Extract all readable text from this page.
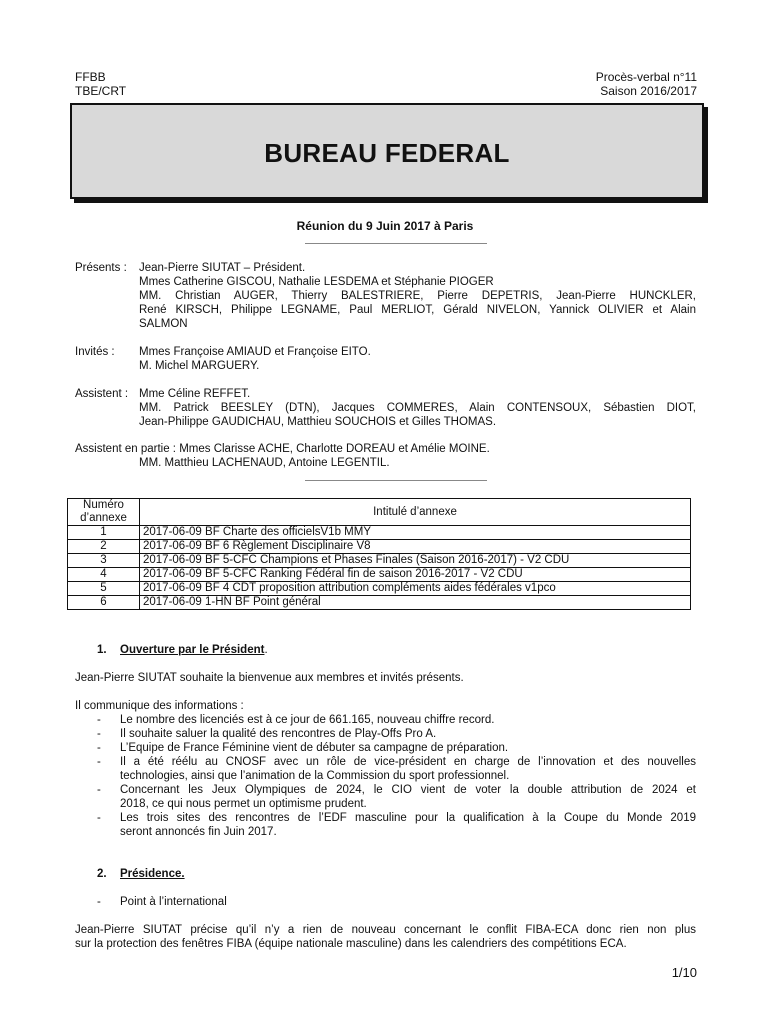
FFBB
TBE/CRT
Procès-verbal n°11
Saison 2016/2017
BUREAU FEDERAL
Réunion du 9 Juin 2017 à Paris
Présents : Jean-Pierre SIUTAT – Président.
Mmes Catherine GISCOU, Nathalie LESDEMA et Stéphanie PIOGER
MM. Christian AUGER, Thierry BALESTRIERE, Pierre DEPETRIS, Jean-Pierre HUNCKLER,
René KIRSCH, Philippe LEGNAME, Paul MERLIOT, Gérald NIVELON, Yannick OLIVIER et Alain
SALMON
Invités : Mmes Françoise AMIAUD et Françoise EITO.
M. Michel MARGUERY.
Assistent : Mme Céline REFFET.
MM. Patrick BEESLEY (DTN), Jacques COMMERES, Alain CONTENSOUX, Sébastien DIOT,
Jean-Philippe GAUDICHAU, Matthieu SOUCHOIS et Gilles THOMAS.
Assistent en partie : Mmes Clarisse ACHE, Charlotte DOREAU et Amélie MOINE.
MM. Matthieu LACHENAUD, Antoine LEGENTIL.
Numéro
d’annexe	Intitulé d’annexe
1	2017-06-09 BF Charte des officielsV1b MMY
2	2017-06-09 BF 6 Règlement Disciplinaire V8
3	2017-06-09 BF 5-CFC Champions et Phases Finales (Saison 2016-2017) - V2 CDU
4	2017-06-09 BF 5-CFC Ranking Fédéral fin de saison 2016-2017 - V2 CDU
5	2017-06-09 BF 4 CDT proposition attribution compléments aides fédérales v1pco
6	2017-06-09 1-HN BF Point général
1. Ouverture par le Président.
Jean-Pierre SIUTAT souhaite la bienvenue aux membres et invités présents.
Il communique des informations :
- Le nombre des licenciés est à ce jour de 661.165, nouveau chiffre record.
- Il souhaite saluer la qualité des rencontres de Play-Offs Pro A.
- L’Equipe de France Féminine vient de débuter sa campagne de préparation.
- Il a été réélu au CNOSF avec un rôle de vice-président en charge de l’innovation et des nouvelles
technologies, ainsi que l’animation de la Commission du sport professionnel.
- Concernant les Jeux Olympiques de 2024, le CIO vient de voter la double attribution de 2024 et
2018, ce qui nous permet un optimisme prudent.
- Les trois sites des rencontres de l’EDF masculine pour la qualification à la Coupe du Monde 2019
seront annoncés fin Juin 2017.
2. Présidence.
- Point à l’international
Jean-Pierre SIUTAT précise qu’il n’y a rien de nouveau concernant le conflit FIBA-ECA donc rien non plus
sur la protection des fenêtres FIBA (équipe nationale masculine) dans les calendriers des compétitions ECA.
1/10
